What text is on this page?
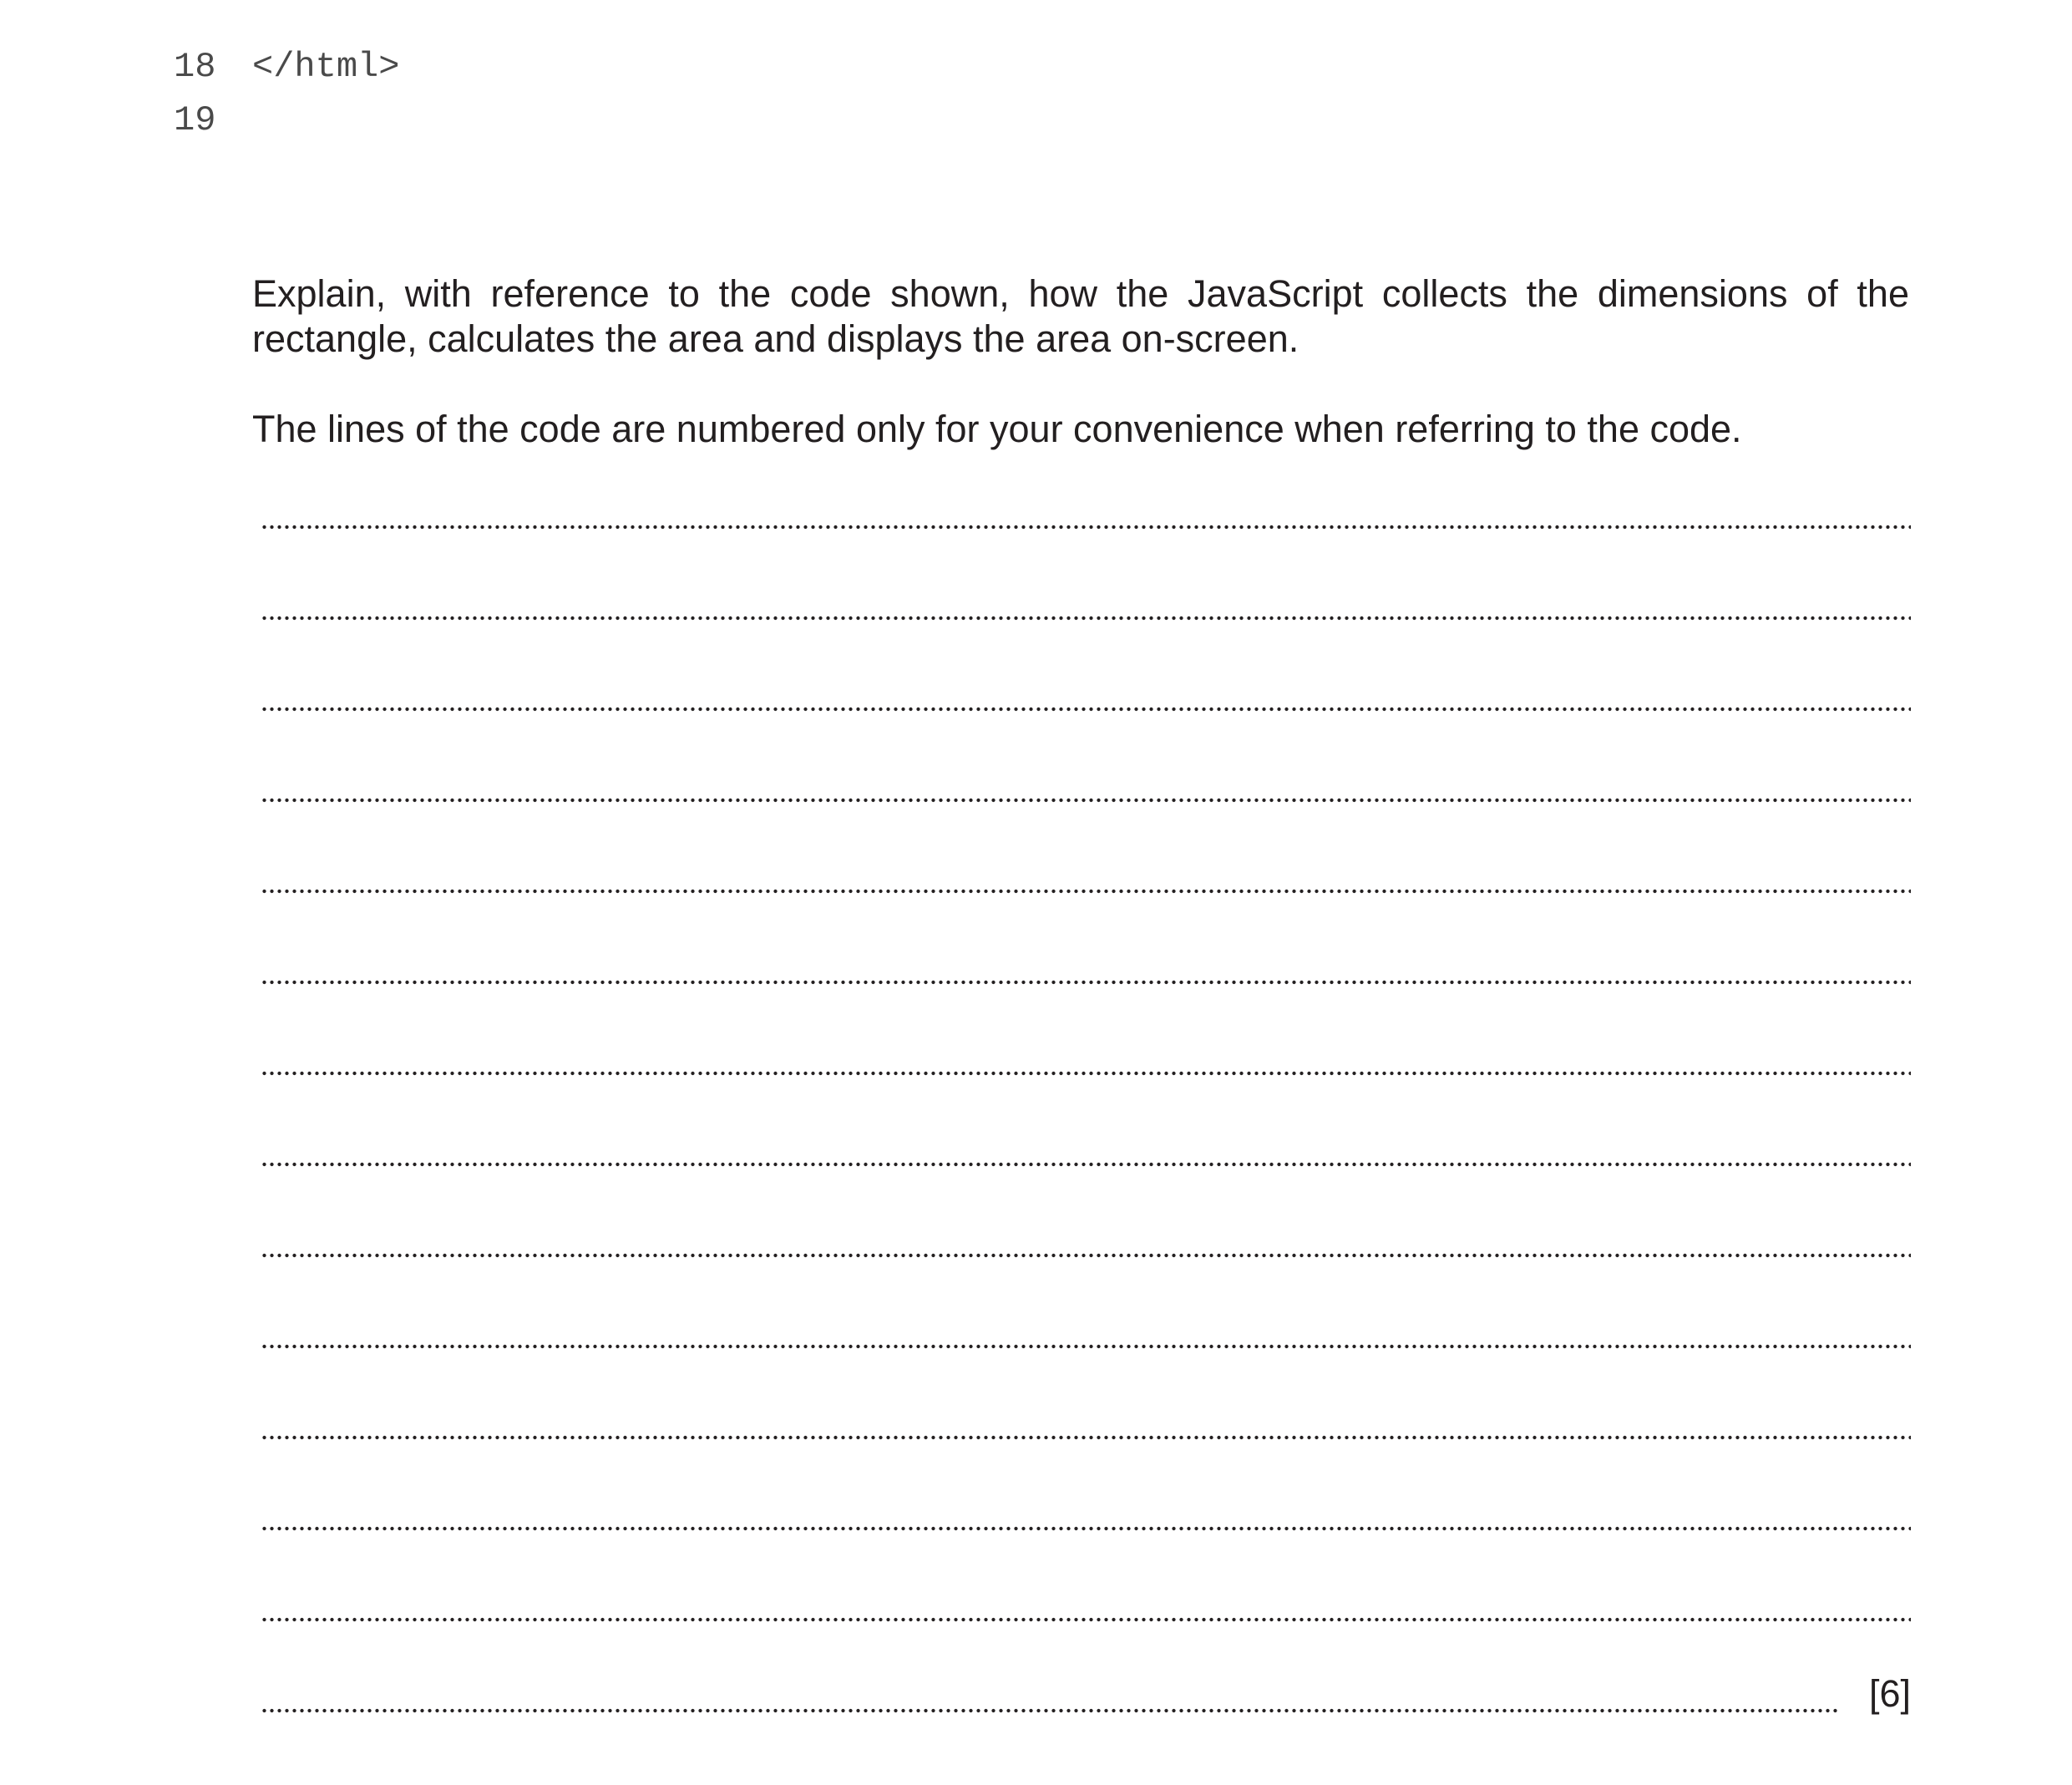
18	</html>
19

Explain, with reference to the code shown, how the JavaScript collects the dimensions of the rectangle, calculates the area and displays the area on-screen.

The lines of the code are numbered only for your convenience when referring to the code.

[6]
